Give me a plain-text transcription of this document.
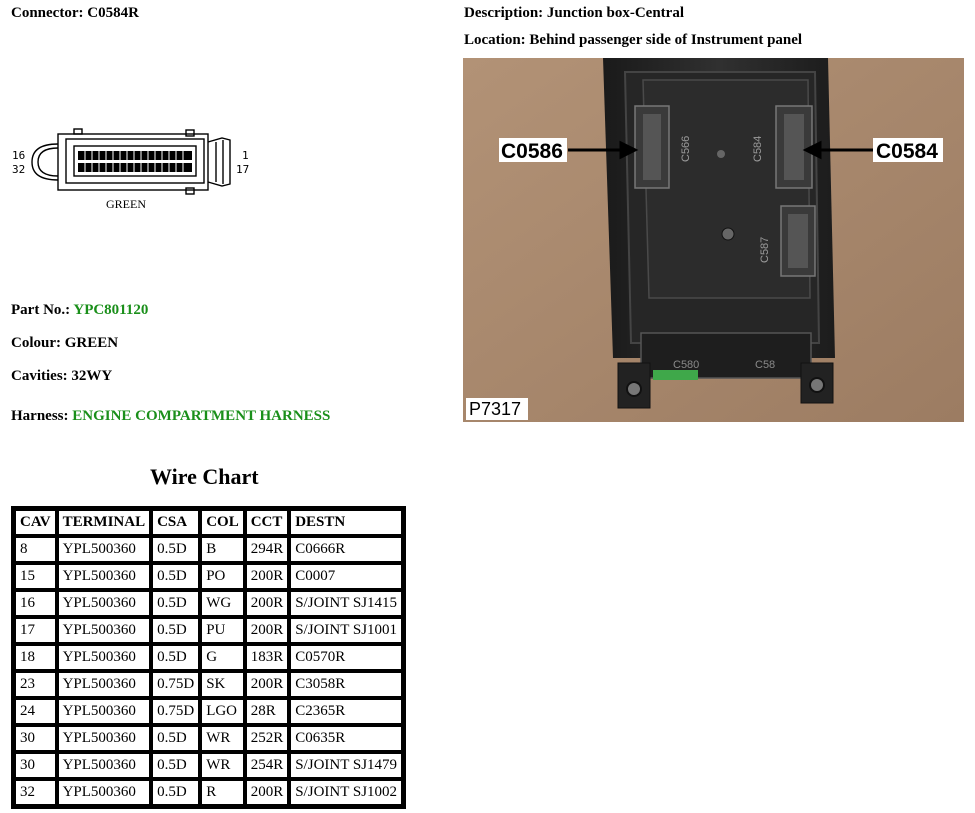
Connector: C0584R	Description: Junction box-Central
Location: Behind passenger side of Instrument panel
16
32
1
17
GREEN
C566	C584
C587
C580	C58
C0586	C0584
P7317
Part No.: YPC801120
Colour: GREEN
Cavities: 32WY
Harness: ENGINE COMPARTMENT HARNESS
Wire Chart
CAV	TERMINAL	CSA	COL	CCT	DESTN
8	YPL500360	0.5D	B	294R	C0666R
15	YPL500360	0.5D	PO	200R	C0007
16	YPL500360	0.5D	WG	200R	S/JOINT SJ1415
17	YPL500360	0.5D	PU	200R	S/JOINT SJ1001
18	YPL500360	0.5D	G	183R	C0570R
23	YPL500360	0.75D	SK	200R	C3058R
24	YPL500360	0.75D	LGO	28R	C2365R
30	YPL500360	0.5D	WR	252R	C0635R
30	YPL500360	0.5D	WR	254R	S/JOINT SJ1479
32	YPL500360	0.5D	R	200R	S/JOINT SJ1002
